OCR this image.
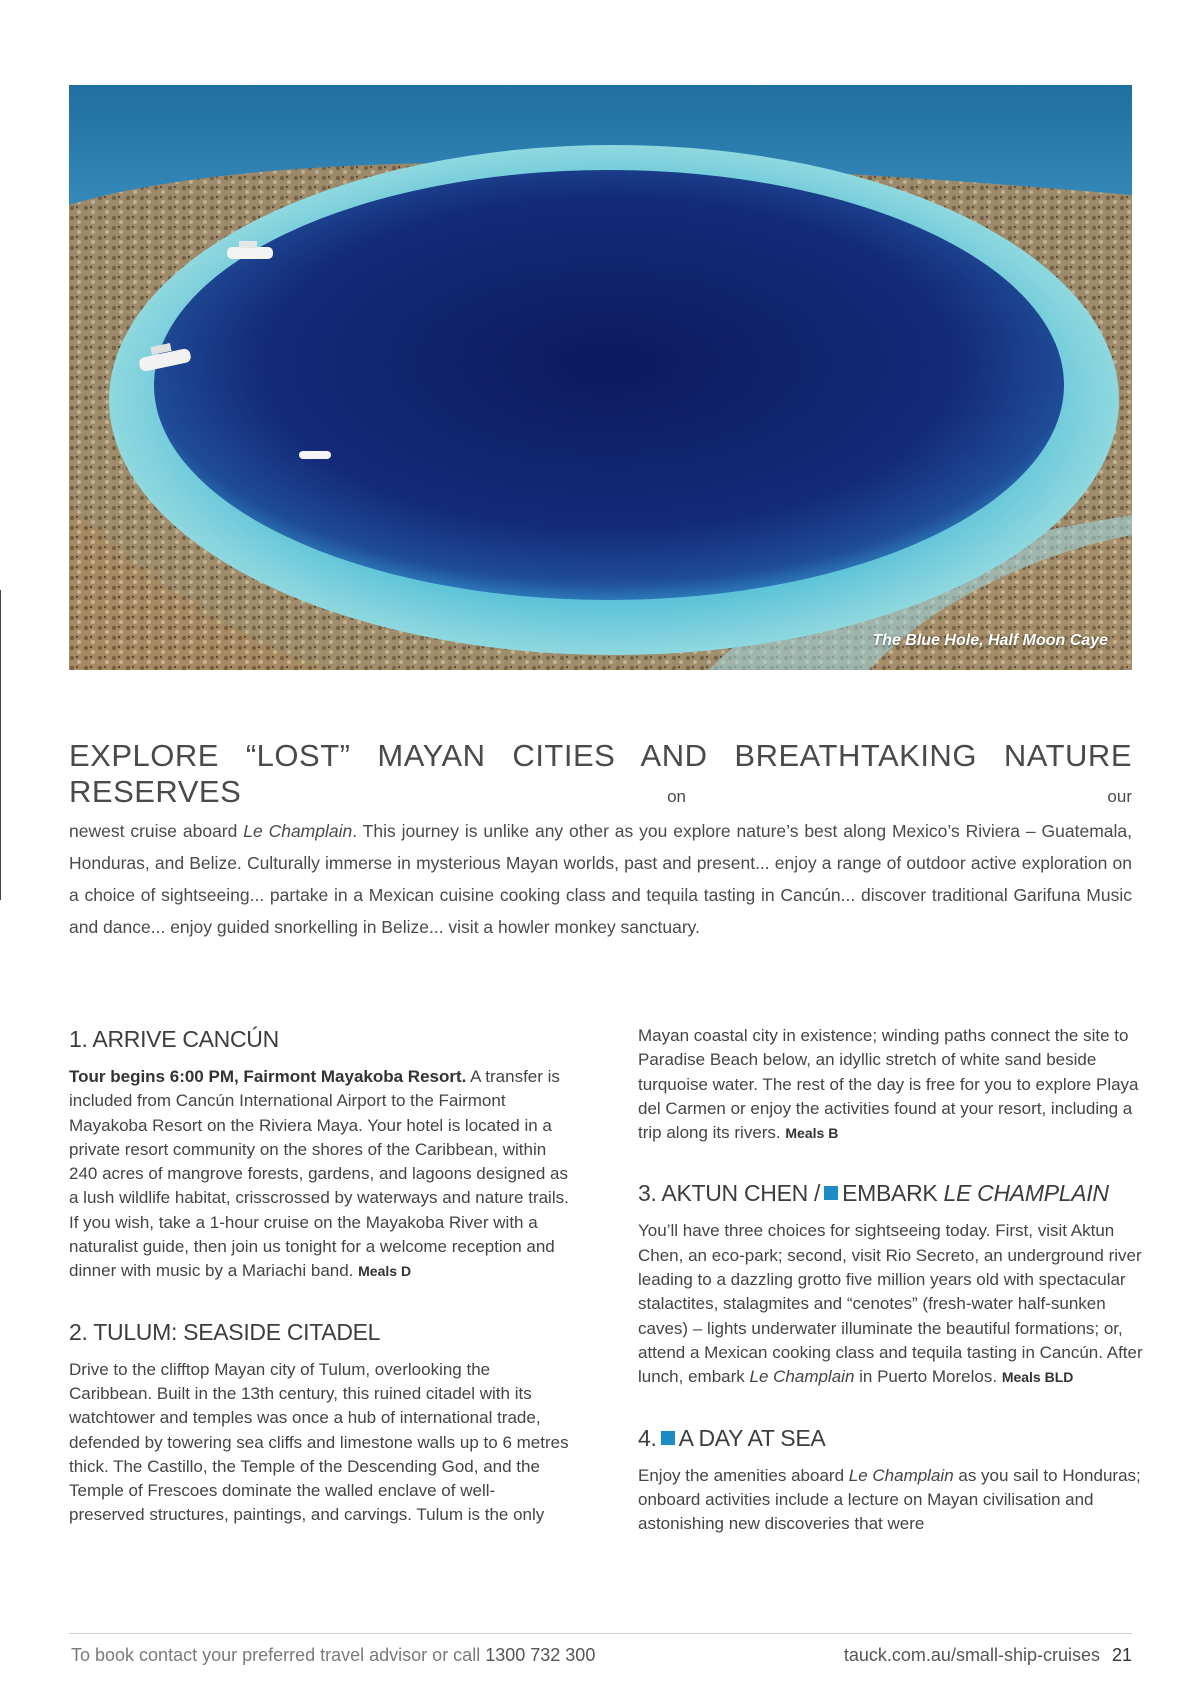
The Blue Hole, Half Moon Caye

EXPLORE “LOST” MAYAN CITIES AND BREATHTAKING NATURE RESERVES	on our

newest cruise aboard Le Champlain. This journey is unlike any other as you explore nature’s best along Mexico’s Riviera – Guatemala, Honduras, and Belize. Culturally immerse in mysterious Mayan worlds, past and present... enjoy a range of outdoor active exploration on a choice of sightseeing... partake in a Mexican cuisine cooking class and tequila tasting in Cancún... discover traditional Garifuna Music and dance... enjoy guided snorkelling in Belize... visit a howler monkey sanctuary.

1. ARRIVE CANCÚN

Tour begins 6:00 PM, Fairmont Mayakoba Resort. A transfer is included from Cancún International Airport to the Fairmont Mayakoba Resort on the Riviera Maya. Your hotel is located in a private resort community on the shores of the Caribbean, within 240 acres of mangrove forests, gardens, and lagoons designed as a lush wildlife habitat, crisscrossed by waterways and nature trails. If you wish, take a 1-hour cruise on the Mayakoba River with a naturalist guide, then join us tonight for a welcome reception and dinner with music by a Mariachi band. Meals D

2. TULUM: SEASIDE CITADEL

Drive to the clifftop Mayan city of Tulum, overlooking the Caribbean. Built in the 13th century, this ruined citadel with its watchtower and temples was once a hub of international trade, defended by towering sea cliffs and limestone walls up to 6 metres thick. The Castillo, the Temple of the Descending God, and the Temple of Frescoes dominate the walled enclave of well-preserved structures, paintings, and carvings. Tulum is the only

Mayan coastal city in existence; winding paths connect the site to Paradise Beach below, an idyllic stretch of white sand beside turquoise water. The rest of the day is free for you to explore Playa del Carmen or enjoy the activities found at your resort, including a trip along its rivers. Meals B

3. AKTUN CHEN / EMBARK LE CHAMPLAIN

You’ll have three choices for sightseeing today. First, visit Aktun Chen, an eco-park; second, visit Rio Secreto, an underground river leading to a dazzling grotto five million years old with spectacular stalactites, stalagmites and “cenotes” (fresh-water half-sunken caves) – lights underwater illuminate the beautiful formations; or, attend a Mexican cooking class and tequila tasting in Cancún. After lunch, embark Le Champlain in Puerto Morelos. Meals BLD

4. A DAY AT SEA

Enjoy the amenities aboard Le Champlain as you sail to Honduras; onboard activities include a lecture on Mayan civilisation and astonishing new discoveries that were

To book contact your preferred travel advisor or call 1300 732 300	tauck.com.au/small-ship-cruises 21
